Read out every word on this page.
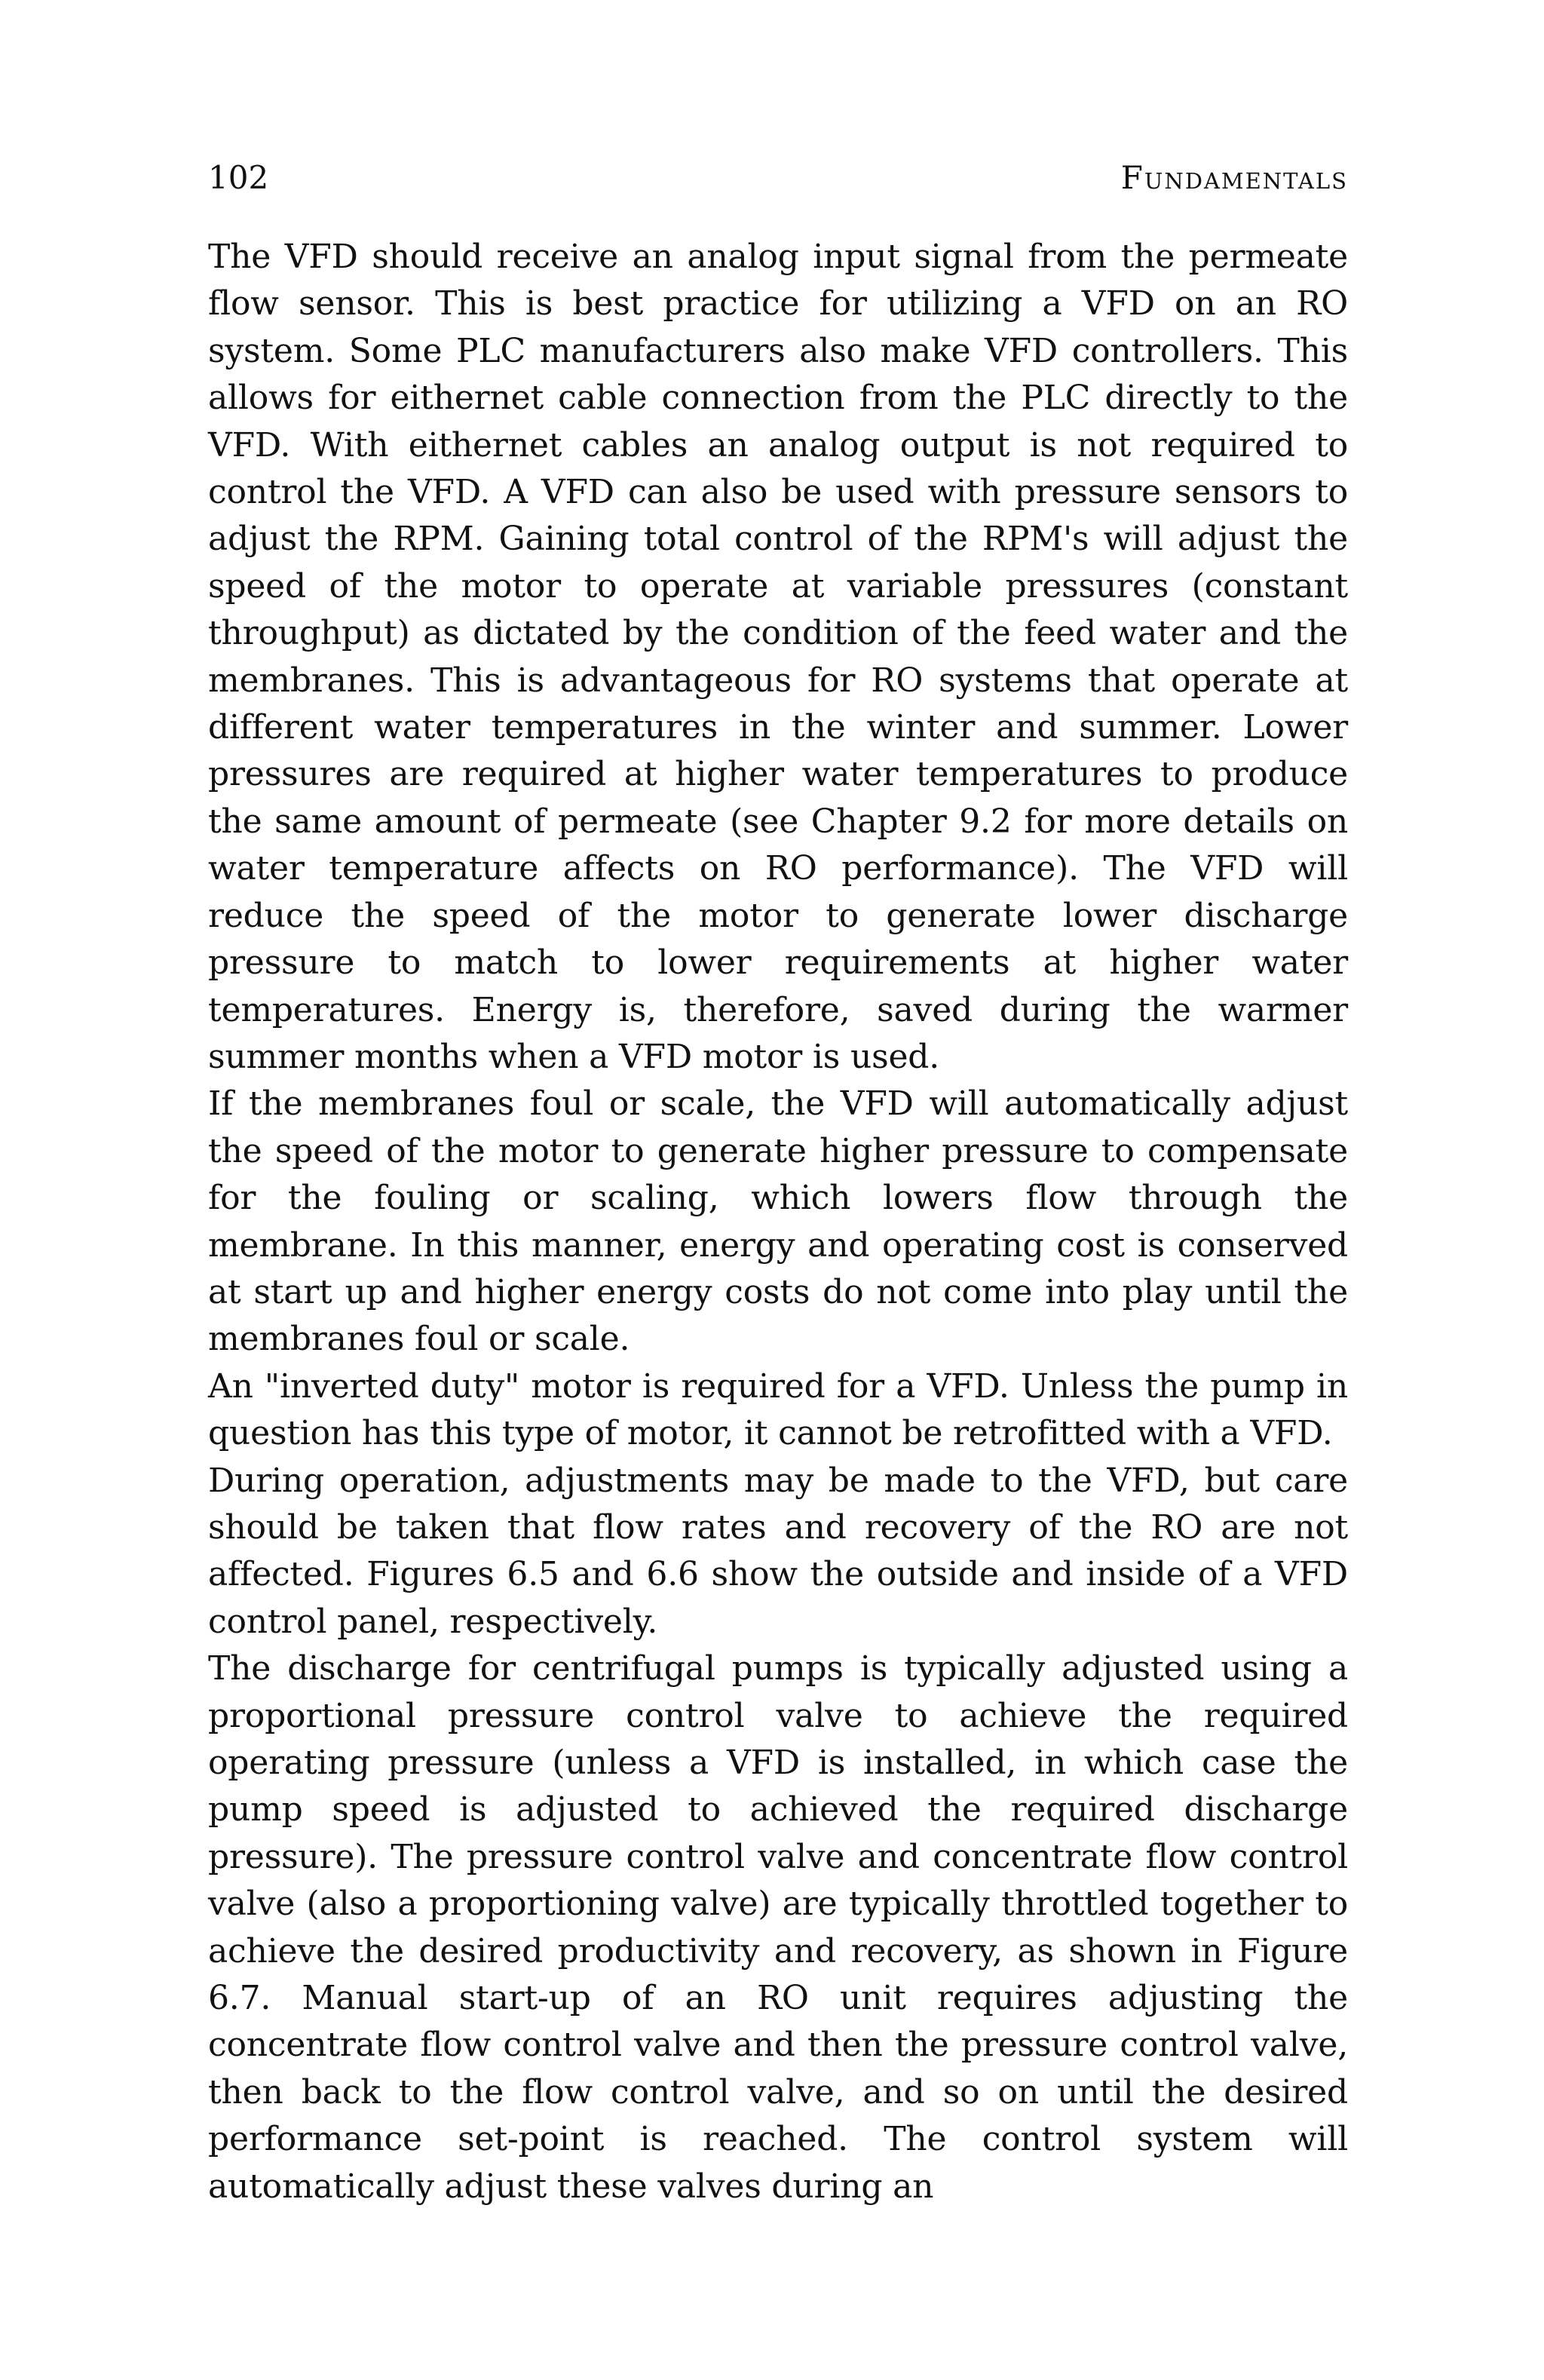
102	Fundamentals

The VFD should receive an analog input signal from the permeate flow sensor. This is best practice for utilizing a VFD on an RO system. Some PLC manufacturers also make VFD controllers. This allows for eithernet cable connection from the PLC directly to the VFD. With eithernet cables an analog output is not required to control the VFD. A VFD can also be used with pressure sensors to adjust the RPM. Gaining total control of the RPM's will adjust the speed of the motor to operate at variable pressures (constant throughput) as dictated by the condition of the feed water and the membranes. This is advantageous for RO systems that operate at different water temperatures in the winter and summer. Lower pressures are required at higher water temperatures to produce the same amount of permeate (see Chapter 9.2 for more details on water temperature affects on RO performance). The VFD will reduce the speed of the motor to generate lower discharge pressure to match to lower requirements at higher water temperatures. Energy is, therefore, saved during the warmer summer months when a VFD motor is used.

If the membranes foul or scale, the VFD will automatically adjust the speed of the motor to generate higher pressure to compensate for the fouling or scaling, which lowers flow through the membrane. In this manner, energy and operating cost is conserved at start up and higher energy costs do not come into play until the membranes foul or scale.

An "inverted duty" motor is required for a VFD. Unless the pump in question has this type of motor, it cannot be retrofitted with a VFD.

During operation, adjustments may be made to the VFD, but care should be taken that flow rates and recovery of the RO are not affected. Figures 6.5 and 6.6 show the outside and inside of a VFD control panel, respectively.

The discharge for centrifugal pumps is typically adjusted using a proportional pressure control valve to achieve the required operating pressure (unless a VFD is installed, in which case the pump speed is adjusted to achieved the required discharge pressure). The pressure control valve and concentrate flow control valve (also a proportioning valve) are typically throttled together to achieve the desired productivity and recovery, as shown in Figure 6.7. Manual start-up of an RO unit requires adjusting the concentrate flow control valve and then the pressure control valve, then back to the flow control valve, and so on until the desired performance set-point is reached. The control system will automatically adjust these valves during an
